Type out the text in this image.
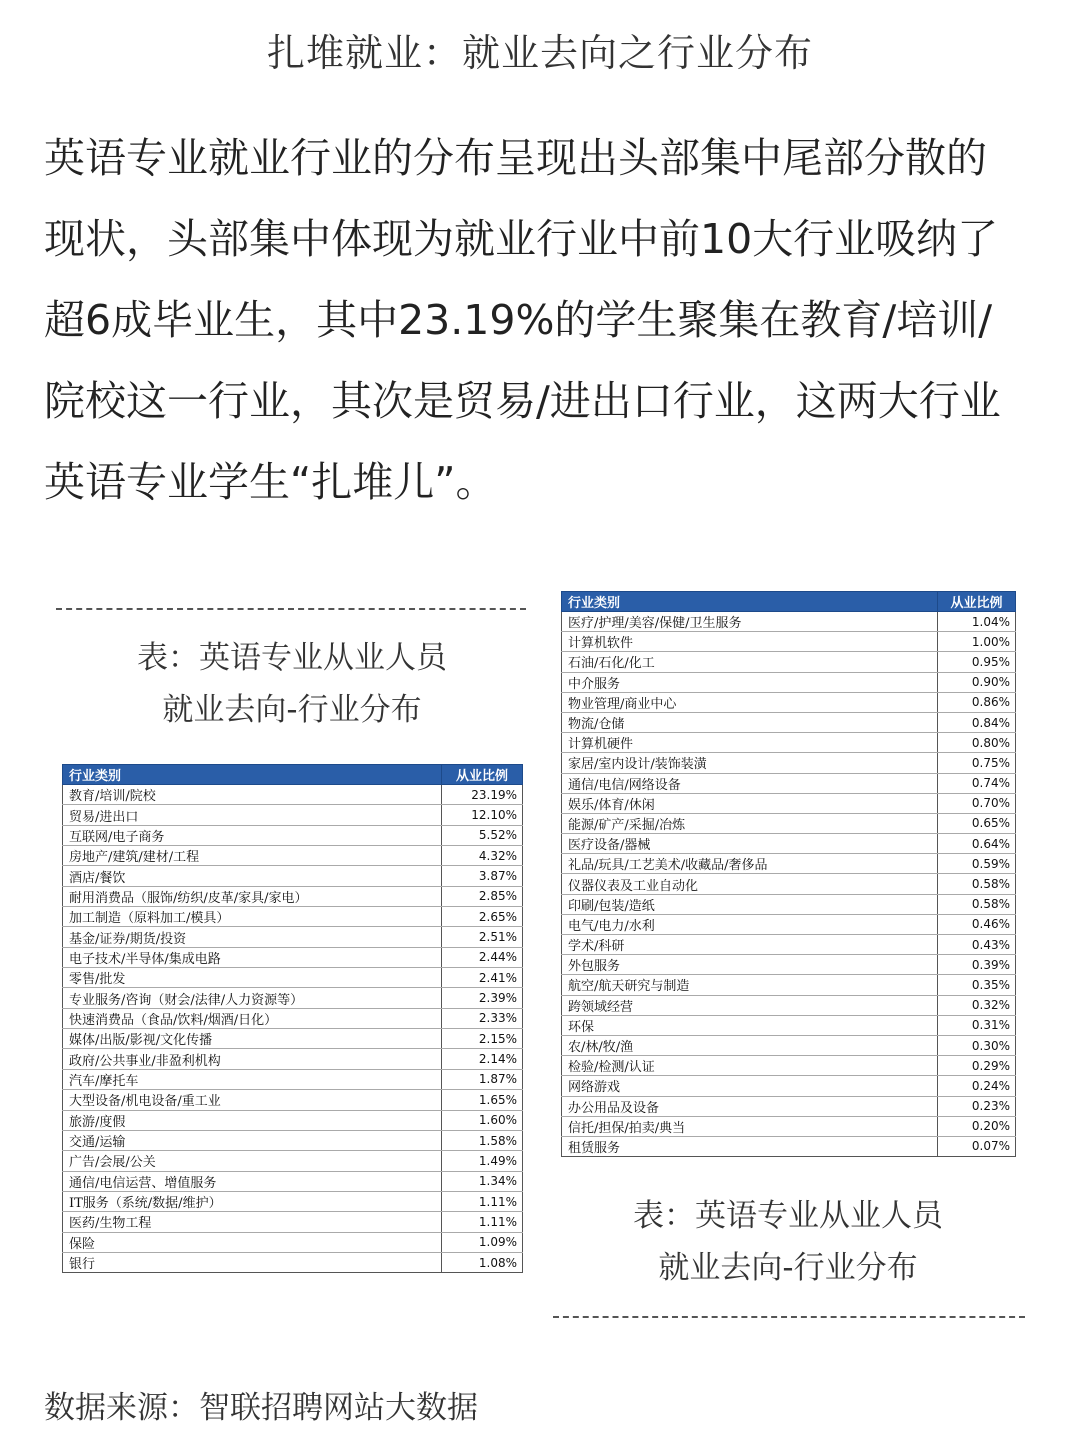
扎堆就业：就业去向之行业分布
英语专业就业行业的分布呈现出头部集中尾部分散的
现状，头部集中体现为就业行业中前10大行业吸纳了
超6成毕业生，其中23.19%的学生聚集在教育/培训/
院校这一行业，其次是贸易/进出口行业，这两大行业
英语专业学生“扎堆儿”。
表：英语专业从业人员
就业去向-行业分布
行业类别	从业比例
教育/培训/院校	23.19%
贸易/进出口	12.10%
互联网/电子商务	5.52%
房地产/建筑/建材/工程	4.32%
酒店/餐饮	3.87%
耐用消费品（服饰/纺织/皮革/家具/家电）	2.85%
加工制造（原料加工/模具）	2.65%
基金/证券/期货/投资	2.51%
电子技术/半导体/集成电路	2.44%
零售/批发	2.41%
专业服务/咨询（财会/法律/人力资源等）	2.39%
快速消费品（食品/饮料/烟酒/日化）	2.33%
媒体/出版/影视/文化传播	2.15%
政府/公共事业/非盈利机构	2.14%
汽车/摩托车	1.87%
大型设备/机电设备/重工业	1.65%
旅游/度假	1.60%
交通/运输	1.58%
广告/会展/公关	1.49%
通信/电信运营、增值服务	1.34%
IT服务（系统/数据/维护）	1.11%
医药/生物工程	1.11%
保险	1.09%
银行	1.08%
行业类别	从业比例
医疗/护理/美容/保健/卫生服务	1.04%
计算机软件	1.00%
石油/石化/化工	0.95%
中介服务	0.90%
物业管理/商业中心	0.86%
物流/仓储	0.84%
计算机硬件	0.80%
家居/室内设计/装饰装潢	0.75%
通信/电信/网络设备	0.74%
娱乐/体育/休闲	0.70%
能源/矿产/采掘/冶炼	0.65%
医疗设备/器械	0.64%
礼品/玩具/工艺美术/收藏品/奢侈品	0.59%
仪器仪表及工业自动化	0.58%
印刷/包装/造纸	0.58%
电气/电力/水利	0.46%
学术/科研	0.43%
外包服务	0.39%
航空/航天研究与制造	0.35%
跨领域经营	0.32%
环保	0.31%
农/林/牧/渔	0.30%
检验/检测/认证	0.29%
网络游戏	0.24%
办公用品及设备	0.23%
信托/担保/拍卖/典当	0.20%
租赁服务	0.07%
表：英语专业从业人员
就业去向-行业分布
数据来源：智联招聘网站大数据
